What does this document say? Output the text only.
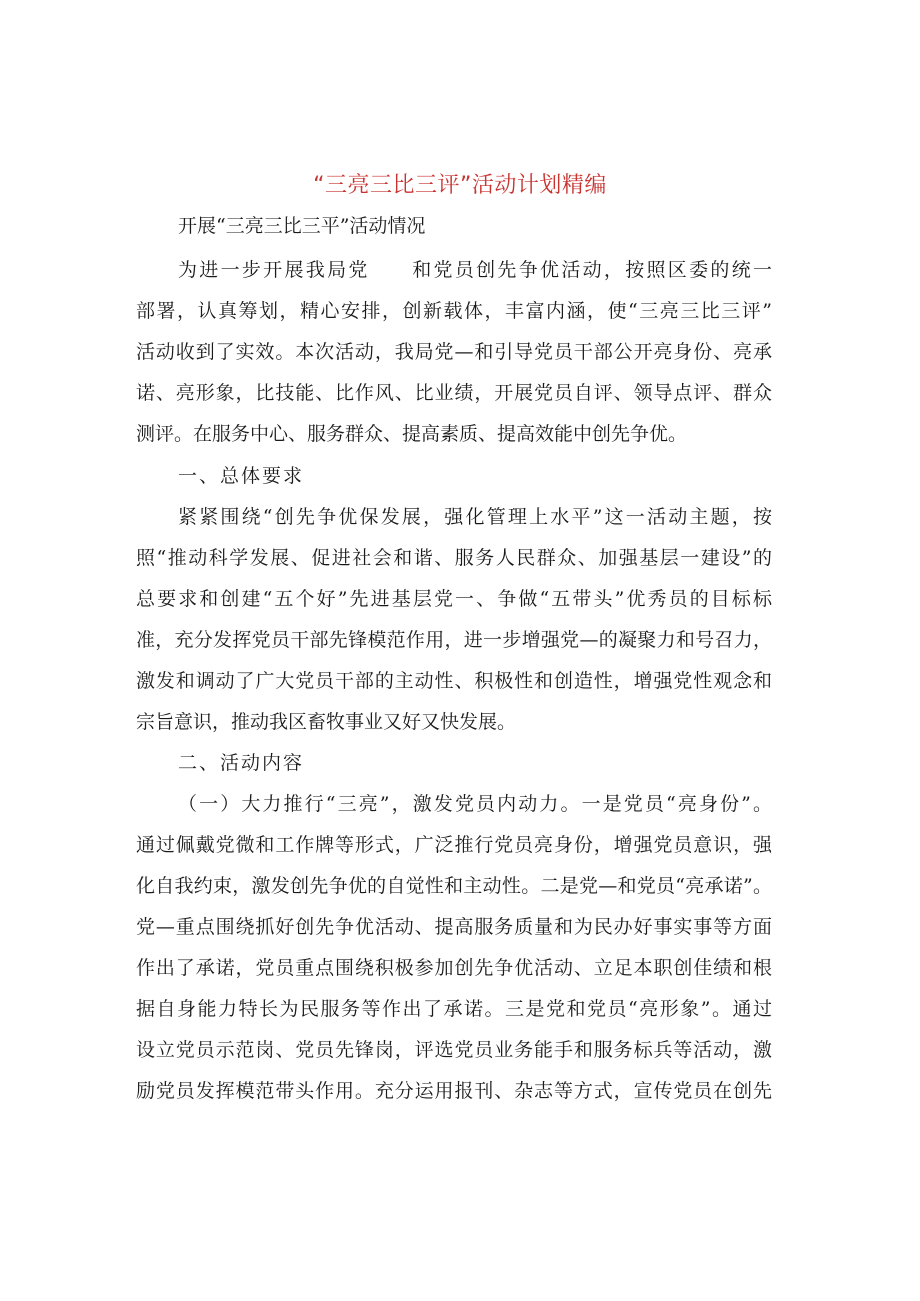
“三亮三比三评”活动计划精编
开展“三亮三比三平”活动情况
为进一步开展我局党　　和党员创先争优活动，按照区委的统一
部署，认真筹划，精心安排，创新载体，丰富内涵，使“三亮三比三评”
活动收到了实效。本次活动，我局党—和引导党员干部公开亮身份、亮承
诺、亮形象，比技能、比作风、比业绩，开展党员自评、领导点评、群众
测评。在服务中心、服务群众、提高素质、提高效能中创先争优。
一、总体要求
紧紧围绕“创先争优保发展，强化管理上水平”这一活动主题，按
照“推动科学发展、促进社会和谐、服务人民群众、加强基层一建设”的
总要求和创建“五个好”先进基层党一、争做“五带头”优秀员的目标标
准，充分发挥党员干部先锋模范作用，进一步增强党—的凝聚力和号召力，
激发和调动了广大党员干部的主动性、积极性和创造性，增强党性观念和
宗旨意识，推动我区畜牧事业又好又快发展。
二、活动内容
（一）大力推行“三亮”，激发党员内动力。一是党员“亮身份”。
通过佩戴党微和工作牌等形式，广泛推行党员亮身份，增强党员意识，强
化自我约束，激发创先争优的自觉性和主动性。二是党—和党员“亮承诺”。
党—重点围绕抓好创先争优活动、提高服务质量和为民办好事实事等方面
作出了承诺，党员重点围绕积极参加创先争优活动、立足本职创佳绩和根
据自身能力特长为民服务等作出了承诺。三是党和党员“亮形象”。通过
设立党员示范岗、党员先锋岗，评选党员业务能手和服务标兵等活动，激
励党员发挥模范带头作用。充分运用报刊、杂志等方式，宣传党员在创先
